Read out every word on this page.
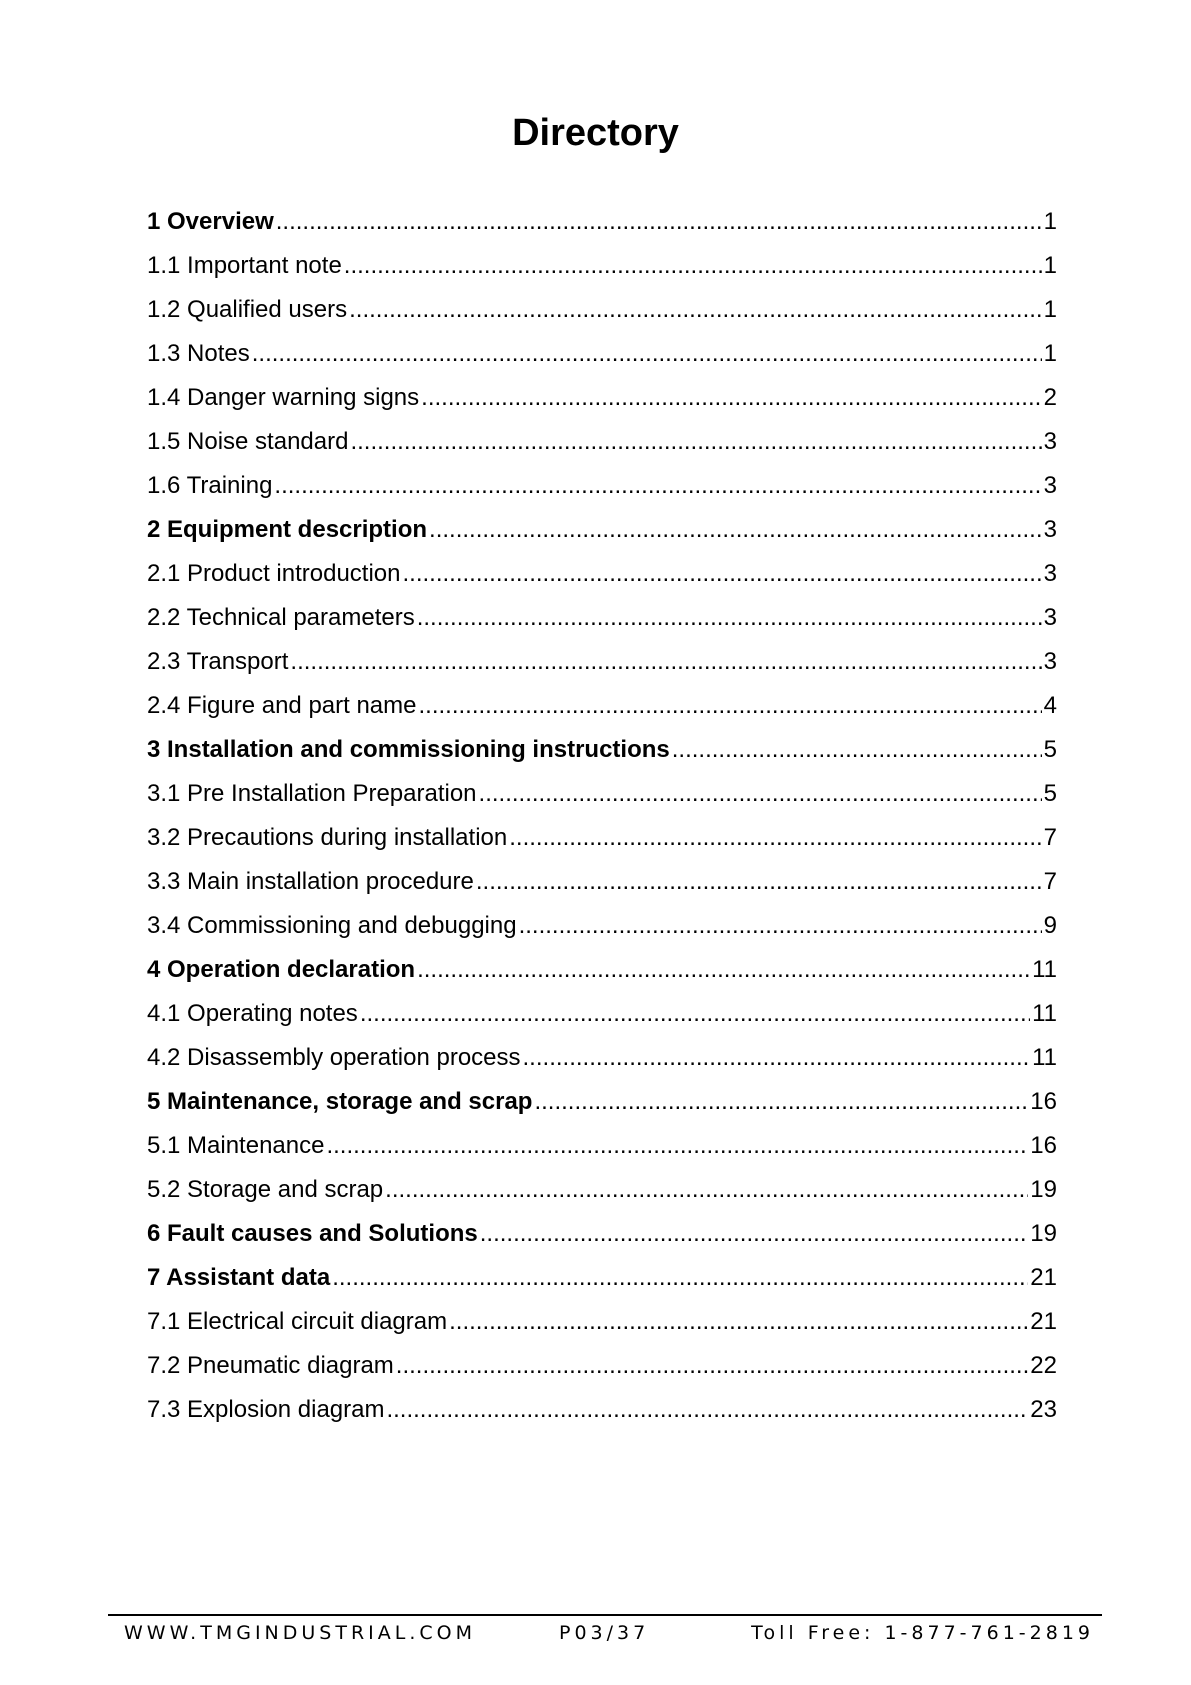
Directory
1 Overview .....	1
1.1 Important note .....	1
1.2 Qualified users .....	1
1.3 Notes .....	1
1.4 Danger warning signs .....	2
1.5 Noise standard .....	3
1.6 Training .....	3
2 Equipment description .....	3
2.1 Product introduction .....	3
2.2 Technical parameters .....	3
2.3 Transport .....	3
2.4 Figure and part name .....	4
3 Installation and commissioning instructions .....	5
3.1 Pre Installation Preparation .....	5
3.2 Precautions during installation .....	7
3.3 Main installation procedure .....	7
3.4 Commissioning and debugging .....	9
4 Operation declaration .....	11
4.1 Operating notes .....	11
4.2 Disassembly operation process .....	11
5 Maintenance, storage and scrap .....	16
5.1 Maintenance .....	16
5.2 Storage and scrap .....	19
6 Fault causes and Solutions .....	19
7 Assistant data .....	21
7.1 Electrical circuit diagram .....	21
7.2 Pneumatic diagram .....	22
7.3 Explosion diagram .....	23
WWW.TMGINDUSTRIAL.COM	P03/37	Toll Free: 1-877-761-2819
